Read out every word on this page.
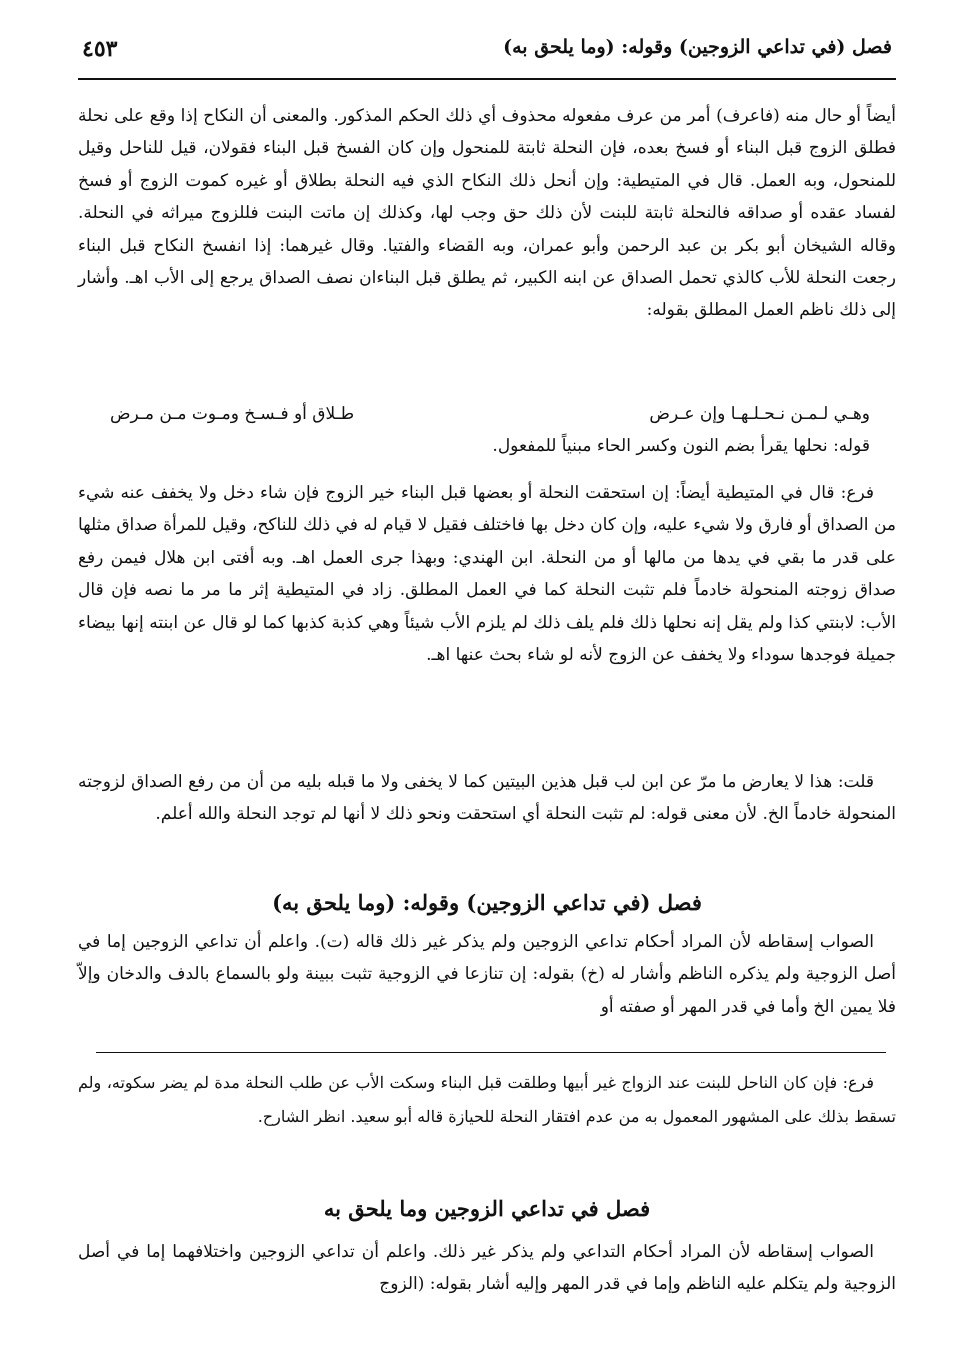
فصل (في تداعي الزوجين) وقوله: (وما يلحق به)
٤٥٣

أيضاً أو حال منه (فاعرف) أمر من عرف مفعوله محذوف أي ذلك الحكم المذكور. والمعنى أن النكاح إذا وقع على نحلة فطلق الزوج قبل البناء أو فسخ بعده، فإن النحلة ثابتة للمنحول وإن كان الفسخ قبل البناء فقولان، قيل للناحل وقيل للمنحول، وبه العمل. قال في المتيطية: وإن أنحل ذلك النكاح الذي فيه النحلة بطلاق أو غيره كموت الزوج أو فسخ لفساد عقده أو صداقه فالنحلة ثابتة للبنت لأن ذلك حق وجب لها، وكذلك إن ماتت البنت فللزوج ميراثه في النحلة. وقاله الشيخان أبو بكر بن عبد الرحمن وأبو عمران، وبه القضاء والفتيا. وقال غيرهما: إذا انفسخ النكاح قبل البناء رجعت النحلة للأب كالذي تحمل الصداق عن ابنه الكبير، ثم يطلق قبل البناءان نصف الصداق يرجع إلى الأب اهـ. وأشار إلى ذلك ناظم العمل المطلق بقوله:

وهـي لـمـن نـحـلـهـا وإن عـرض
طـلاق أو فـسـخ ومـوت مـن مـرض
قوله: نحلها يقرأ بضم النون وكسر الحاء مبنياً للمفعول.

فرع: قال في المتيطية أيضاً: إن استحقت النحلة أو بعضها قبل البناء خير الزوج فإن شاء دخل ولا يخفف عنه شيء من الصداق أو فارق ولا شيء عليه، وإن كان دخل بها فاختلف فقيل لا قيام له في ذلك للناكح، وقيل للمرأة صداق مثلها على قدر ما بقي في يدها من مالها أو من النحلة. ابن الهندي: وبهذا جرى العمل اهـ. وبه أفتى ابن هلال فيمن رفع صداق زوجته المنحولة خادماً فلم تثبت النحلة كما في العمل المطلق. زاد في المتيطية إثر ما مر ما نصه فإن قال الأب: لابنتي كذا ولم يقل إنه نحلها ذلك فلم يلف ذلك لم يلزم الأب شيئاً وهي كذبة كذبها كما لو قال عن ابنته إنها بيضاء جميلة فوجدها سوداء ولا يخفف عن الزوج لأنه لو شاء بحث عنها اهـ.

قلت: هذا لا يعارض ما مرّ عن ابن لب قبل هذين البيتين كما لا يخفى ولا ما قبله بليه من أن من رفع الصداق لزوجته المنحولة خادماً الخ. لأن معنى قوله: لم تثبت النحلة أي استحقت ونحو ذلك لا أنها لم توجد النحلة والله أعلم.

فصل (في تداعي الزوجين) وقوله: (وما يلحق به)

الصواب إسقاطه لأن المراد أحكام تداعي الزوجين ولم يذكر غير ذلك قاله (ت). واعلم أن تداعي الزوجين إما في أصل الزوجية ولم يذكره الناظم وأشار له (خ) بقوله: إن تنازعا في الزوجية تثبت ببينة ولو بالسماع بالدف والدخان وإلاّ فلا يمين الخ وأما في قدر المهر أو صفته أو

فرع: فإن كان الناحل للبنت عند الزواج غير أبيها وطلقت قبل البناء وسكت الأب عن طلب النحلة مدة لم يضر سكوته، ولم تسقط بذلك على المشهور المعمول به من عدم افتقار النحلة للحيازة قاله أبو سعيد. انظر الشارح.

فصل في تداعي الزوجين وما يلحق به

الصواب إسقاطه لأن المراد أحكام التداعي ولم يذكر غير ذلك. واعلم أن تداعي الزوجين واختلافهما إما في أصل الزوجية ولم يتكلم عليه الناظم وإما في قدر المهر وإليه أشار بقوله: (الزوج
